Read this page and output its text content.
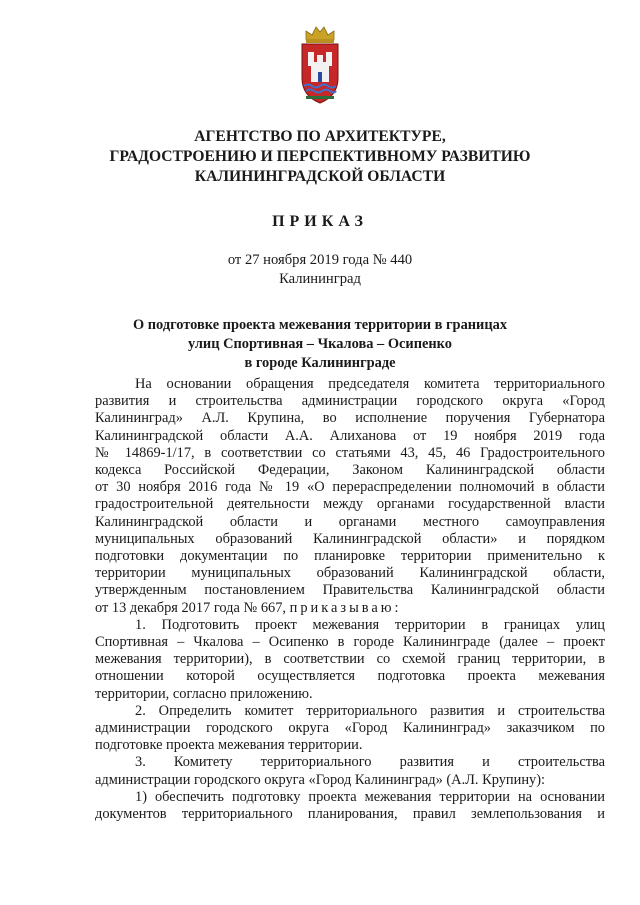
АГЕНТСТВО ПО АРХИТЕКТУРЕ,
ГРАДОСТРОЕНИЮ И ПЕРСПЕКТИВНОМУ РАЗВИТИЮ
КАЛИНИНГРАДСКОЙ ОБЛАСТИ
ПРИКАЗ
от 27 ноября 2019 года № 440
Калининград
О подготовке проекта межевания территории в границах
улиц Спортивная – Чкалова – Осипенко
в городе Калининграде

На основании обращения председателя комитета территориального
развития и строительства администрации городского округа «Город
Калининград» А.Л. Крупина, во исполнение поручения Губернатора
Калининградской области А.А. Алиханова от 19 ноября 2019 года
№ 14869-1/17, в соответствии со статьями 43, 45, 46 Градостроительного
кодекса Российской Федерации, Законом Калининградской области
от 30 ноября 2016 года № 19 «О перераспределении полномочий в области
градостроительной деятельности между органами государственной власти
Калининградской области и органами местного самоуправления
муниципальных образований Калининградской области» и порядком
подготовки документации по планировке территории применительно к
территории муниципальных образований Калининградской области,
утвержденным постановлением Правительства Калининградской области
от 13 декабря 2017 года № 667, приказываю:

1. Подготовить проект межевания территории в границах улиц
Спортивная – Чкалова – Осипенко в городе Калининграде (далее – проект
межевания территории), в соответствии со схемой границ территории, в
отношении которой осуществляется подготовка проекта межевания
территории, согласно приложению.

2. Определить комитет территориального развития и строительства
администрации городского округа «Город Калининград» заказчиком по
подготовке проекта межевания территории.

3. Комитету территориального развития и строительства
администрации городского округа «Город Калининград» (А.Л. Крупину):

1) обеспечить подготовку проекта межевания территории на основании
документов территориального планирования, правил землепользования и
